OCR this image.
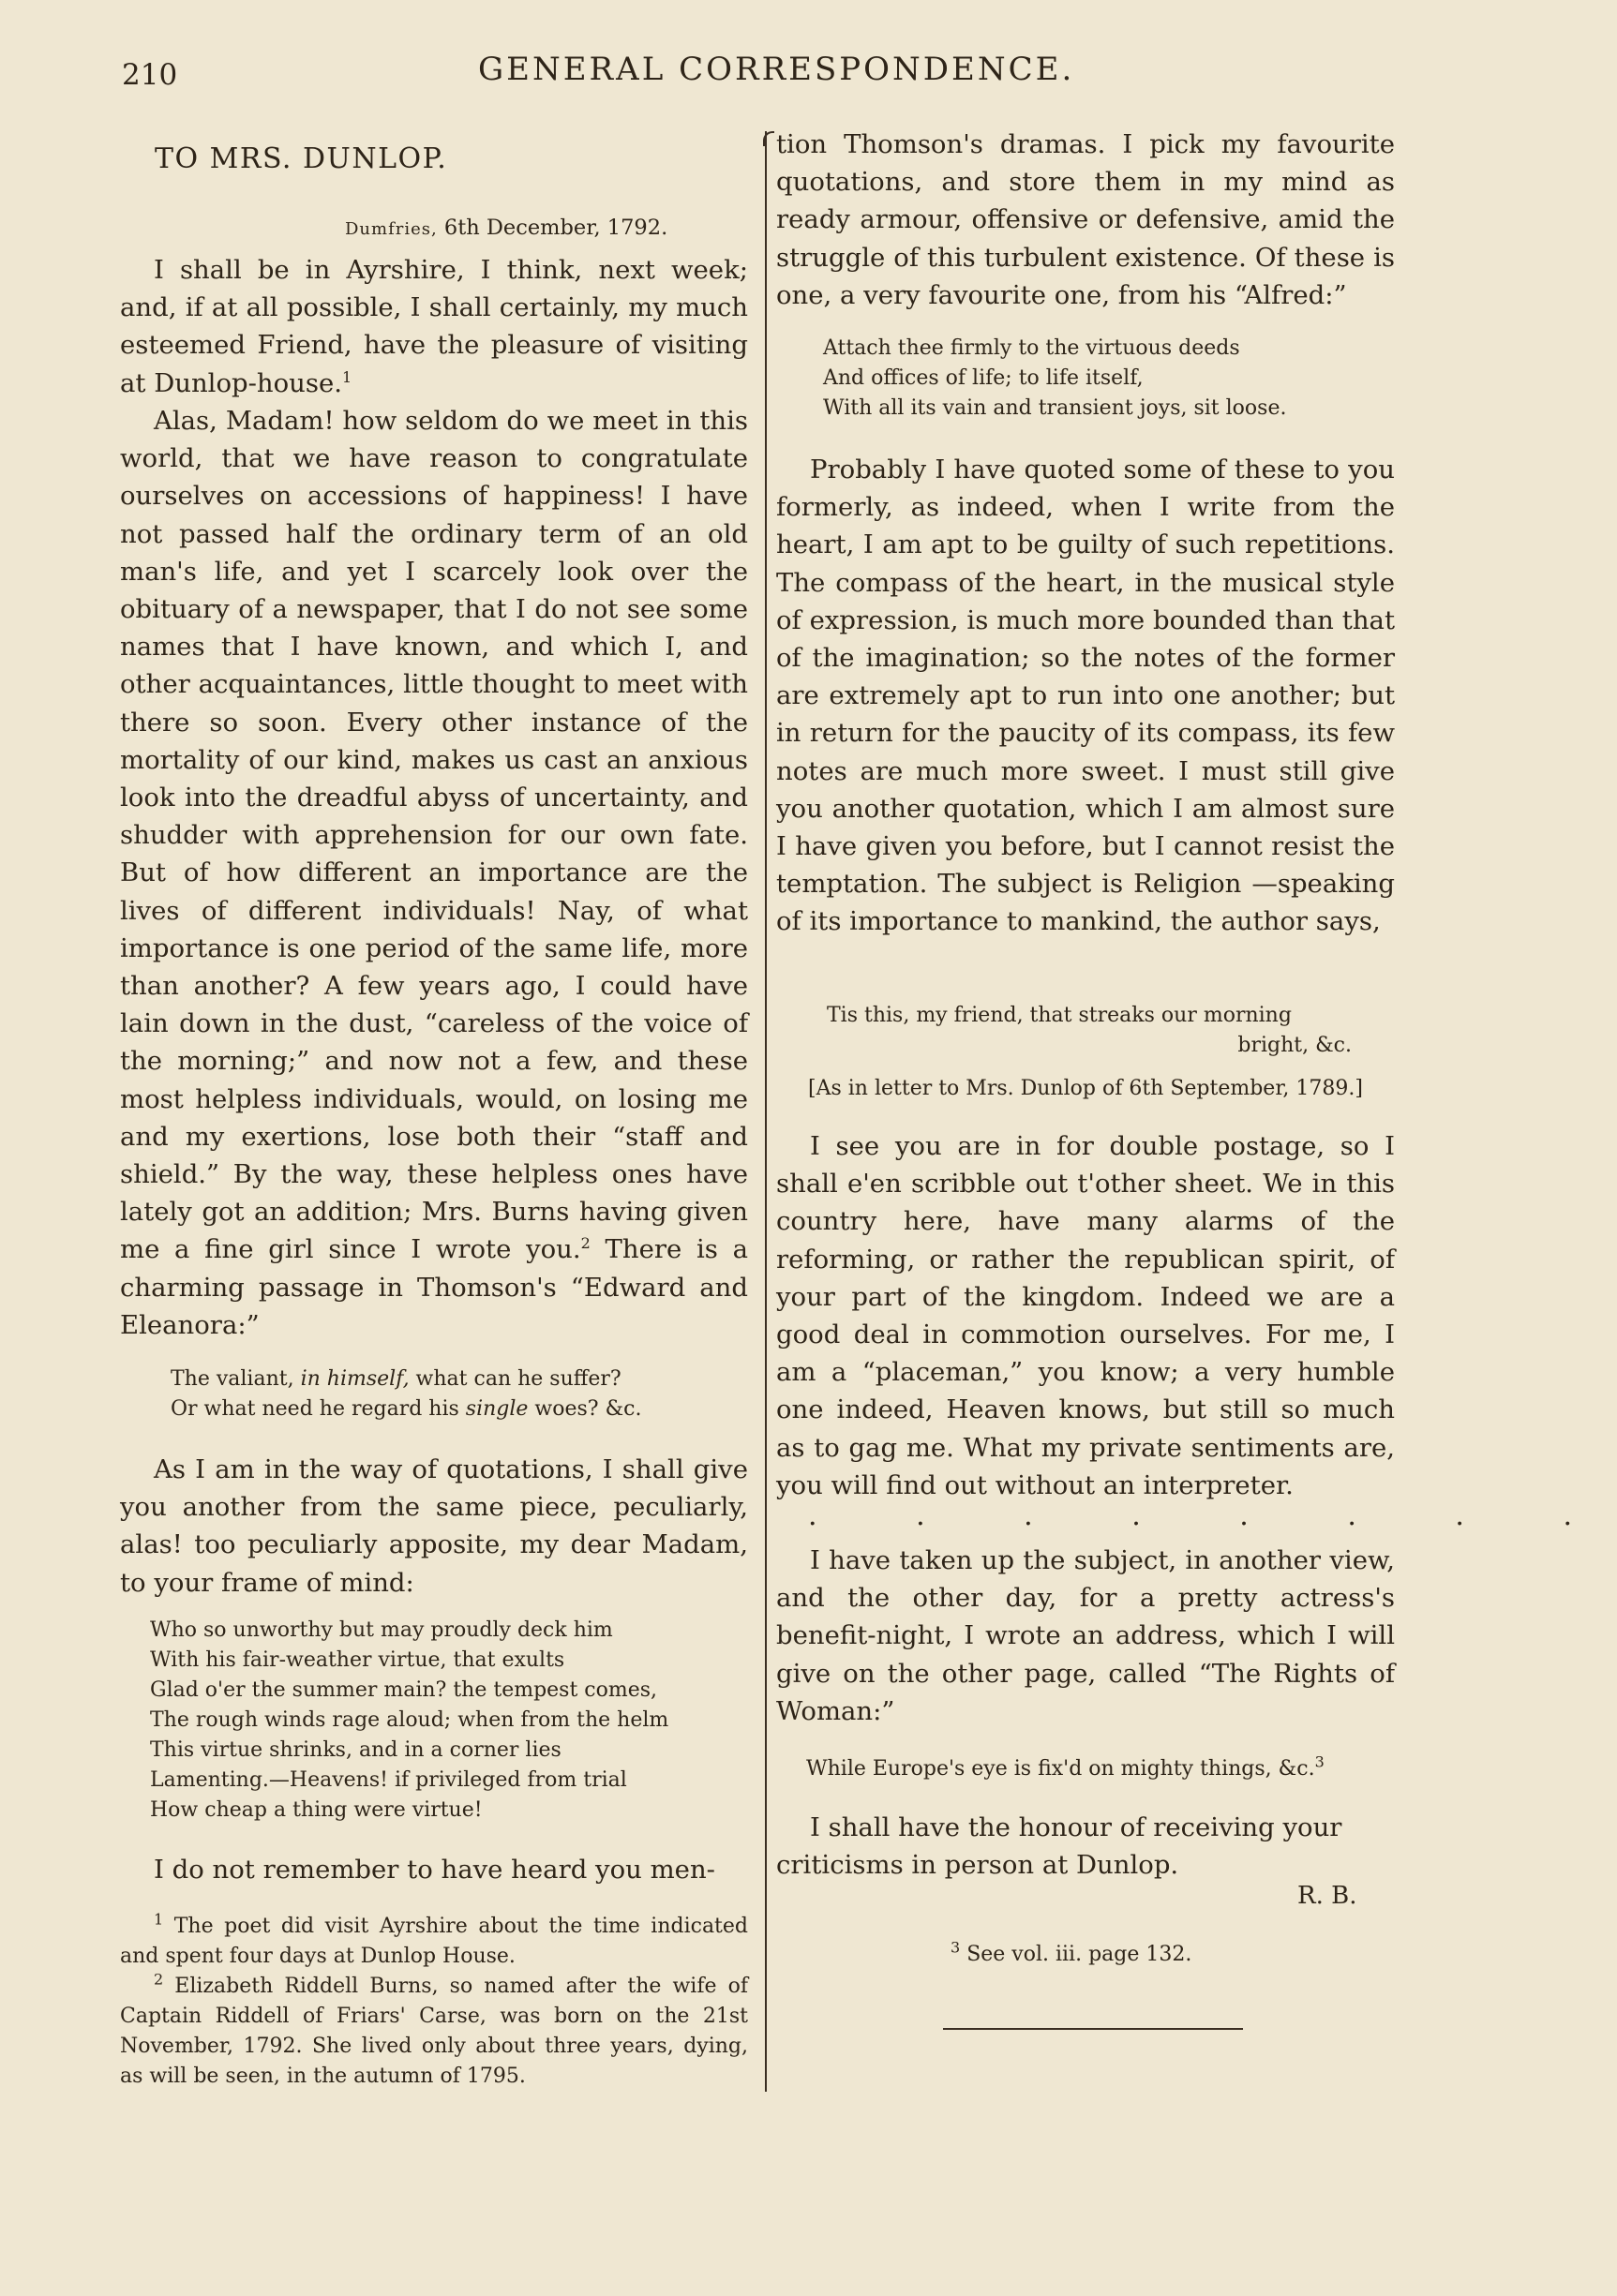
210	GENERAL CORRESPONDENCE.
TO MRS. DUNLOP.
Dumfries, 6th December, 1792.

I shall be in Ayrshire, I think, next week; and, if at all possible, I shall certainly, my much esteemed Friend, have the pleasure of visiting at Dunlop-house.$^1$

Alas, Madam! how seldom do we meet in this world, that we have reason to congratulate ourselves on accessions of happiness! I have not passed half the ordinary term of an old man's life, and yet I scarcely look over the obituary of a newspaper, that I do not see some names that I have known, and which I, and other acquaintances, little thought to meet with there so soon. Every other instance of the mortality of our kind, makes us cast an anxious look into the dreadful abyss of uncertainty, and shudder with apprehension for our own fate. But of how different an importance are the lives of different individuals! Nay, of what importance is one period of the same life, more than another? A few years ago, I could have lain down in the dust, “careless of the voice of the morning;” and now not a few, and these most helpless individuals, would, on losing me and my exertions, lose both their “staff and shield.” By the way, these helpless ones have lately got an addition; Mrs. Burns having given me a fine girl since I wrote you.$^2$ There is a charming passage in Thomson's “Edward and Eleanora:”

The valiant, in himself, what can he suffer?
Or what need he regard his single woes? &c.

As I am in the way of quotations, I shall give you another from the same piece, peculiarly, alas! too peculiarly apposite, my dear Madam, to your frame of mind:

Who so unworthy but may proudly deck him
With his fair-weather virtue, that exults
Glad o'er the summer main? the tempest comes,
The rough winds rage aloud; when from the helm
This virtue shrinks, and in a corner lies
Lamenting.—Heavens! if privileged from trial
How cheap a thing were virtue!

I do not remember to have heard you men-

$^1$ The poet did visit Ayrshire about the time indicated and spent four days at Dunlop House.

$^2$ Elizabeth Riddell Burns, so named after the wife of Captain Riddell of Friars' Carse, was born on the 21st November, 1792. She lived only about three years, dying, as will be seen, in the autumn of 1795.

tion Thomson's dramas. I pick my favourite quotations, and store them in my mind as ready armour, offensive or defensive, amid the struggle of this turbulent existence. Of these is one, a very favourite one, from his “Alfred:”

Attach thee firmly to the virtuous deeds
And offices of life; to life itself,
With all its vain and transient joys, sit loose.

Probably I have quoted some of these to you formerly, as indeed, when I write from the heart, I am apt to be guilty of such repetitions. The compass of the heart, in the musical style of expression, is much more bounded than that of the imagination; so the notes of the former are extremely apt to run into one another; but in return for the paucity of its compass, its few notes are much more sweet. I must still give you another quotation, which I am almost sure I have given you before, but I cannot resist the temptation. The subject is Religion —speaking of its importance to mankind, the author says,

Tis this, my friend, that streaks our morning
bright, &c.
[As in letter to Mrs. Dunlop of 6th September, 1789.]

I see you are in for double postage, so I shall e'en scribble out t'other sheet. We in this country here, have many alarms of the reforming, or rather the republican spirit, of your part of the kingdom. Indeed we are a good deal in commotion ourselves. For me, I am a “placeman,” you know; a very humble one indeed, Heaven knows, but still so much as to gag me. What my private sentiments are, you will find out without an interpreter.

. . . . . . . .

I have taken up the subject, in another view, and the other day, for a pretty actress's benefit-night, I wrote an address, which I will give on the other page, called “The Rights of Woman:”

While Europe's eye is fix'd on mighty things, &c.$^3$

I shall have the honour of receiving your criticisms in person at Dunlop.

R. B.

$^3$ See vol. iii. page 132.
